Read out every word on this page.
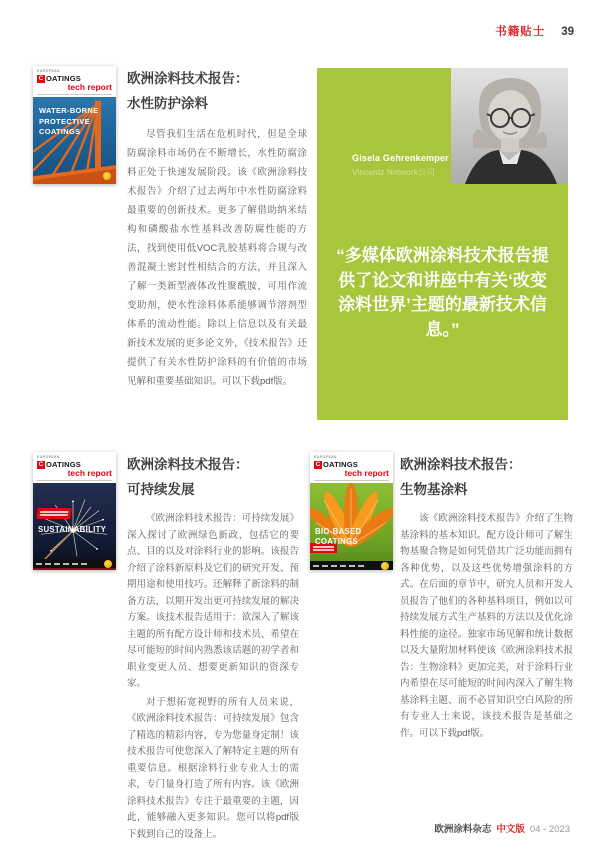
书籍贴士 39
EUROPEAN
C OATINGS
tech report
WATER-BORNE PROTECTIVE COATINGS
欧洲涂料技术报告：
水性防护涂料

尽管我们生活在危机时代，但是全球防腐涂料市场仍在不断增长，水性防腐涂料正处于快速发展阶段。该《欧洲涂料技术报告》介绍了过去两年中水性防腐涂料最重要的创新技术。更多了解借助纳米结构和磷酸盐水性基料改善防腐性能的方法，找到使用低VOC乳胶基料将合规与改善混凝土密封性相结合的方法，并且深入了解一类新型液体改性聚酰胺，可用作流变助剂，使水性涂料体系能够调节溶剂型体系的流动性能。除以上信息以及有关最新技术发展的更多论文外，《技术报告》还提供了有关水性防护涂料的有价值的市场见解和重要基础知识。可以下载pdf版。

Gisela Gehrenkemper
Vincentz Network公司
“多媒体欧洲涂料技术报告提供了论文和讲座中有关‘改变涂料世界’主题的最新技术信息。”
EUROPEAN
C OATINGS
tech report
SUSTAINABILITY
欧洲涂料技术报告：
可持续发展

《欧洲涂料技术报告：可持续发展》深入探讨了欧洲绿色新政，包括它的要点、目的以及对涂料行业的影响。该报告介绍了涂料新原料及它们的研究开发、预期用途和使用技巧。还解释了新涂料的制备方法，以期开发出更可持续发展的解决方案。该技术报告适用于：欲深入了解该主题的所有配方设计师和技术员、希望在尽可能短的时间内熟悉该话题的初学者和职业变更人员、想要更新知识的资深专家。

对于想拓宽视野的所有人员来说，《欧洲涂料技术报告：可持续发展》包含了精选的精彩内容，专为您量身定制！该技术报告可使您深入了解特定主题的所有重要信息。根据涂料行业专业人士的需求，专门量身打造了所有内容。该《欧洲涂料技术报告》专注于最重要的主题，因此，能够融入更多知识。您可以将pdf版下载到自己的设备上。

EUROPEAN
C OATINGS
tech report
BIO-BASED COATINGS
欧洲涂料技术报告：
生物基涂料

该《欧洲涂料技术报告》介绍了生物基涂料的基本知识。配方设计师可了解生物基聚合物是如何凭借其广泛功能而拥有各种优势，以及这些优势增强涂料的方式。在后面的章节中，研究人员和开发人员报告了他们的各种基料项目，例如以可持续发展方式生产基料的方法以及优化涂料性能的途径。独家市场见解和统计数据以及大量附加材料使该《欧洲涂料技术报告：生物涂料》更加完美，对于涂料行业内希望在尽可能短的时间内深入了解生物基涂料主题、而不必冒知识空白风险的所有专业人士来说，该技术报告是基础之作。可以下载pdf版。

欧洲涂料杂志 中文版 04 - 2023
